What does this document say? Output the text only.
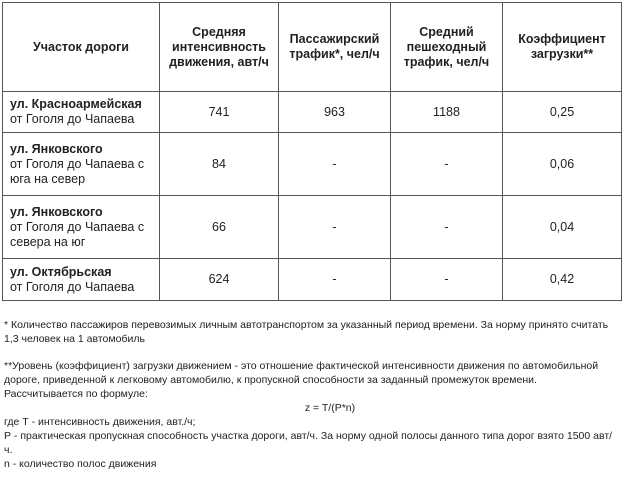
Участок дороги	Средняя интенсивность движения, авт/ч	Пассажирский трафик*, чел/ч	Средний пешеходный трафик, чел/ч	Коэффициент загрузки**

ул. Красноармейская
от Гоголя до Чапаева	741	963	1188	0,25

ул. Янковского
от Гоголя до Чапаева с юга на север	84	-	-	0,06

ул. Янковского
от Гоголя до Чапаева с севера на юг	66	-	-	0,04

ул. Октябрьская
от Гоголя до Чапаева	624	-	-	0,42

* Количество пассажиров перевозимых личным автотранспортом за указанный период времени. За норму принято считать 1,3 человек на 1 автомобиль

**Уровень (коэффициент) загрузки движением - это отношение фактической интенсивности движения по автомобильной дороге, приведенной к легковому автомобилю, к пропускной способности за заданный промежуток времени. Рассчитывается по формуле:

z = T/(P*n)

где Т - интенсивность движения, авт./ч;

Р - практическая пропускная способность участка дороги, авт/ч. За норму одной полосы данного типа дорог взято 1500 авт/ч.

n - количество полос движения
